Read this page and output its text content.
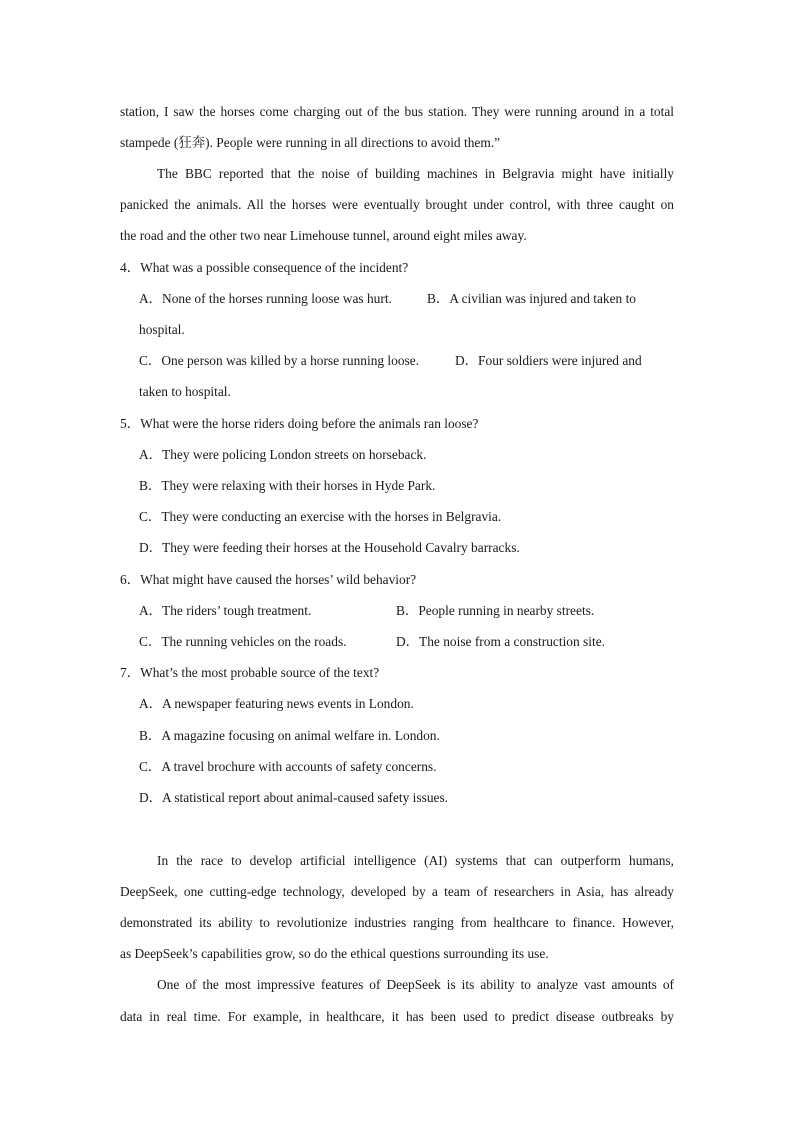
station, I saw the horses come charging out of the bus station. They were running around in a total
stampede (狂奔). People were running in all directions to avoid them.”
The BBC reported that the noise of building machines in Belgravia might have initially
panicked the animals. All the horses were eventually brought under control, with three caught on
the road and the other two near Limehouse tunnel, around eight miles away.
4．What was a possible consequence of the incident?
A．None of the horses running loose was hurt.	B．A civilian was injured and taken to
hospital.
C．One person was killed by a horse running loose.	D．Four soldiers were injured and
taken to hospital.
5．What were the horse riders doing before the animals ran loose?
A．They were policing London streets on horseback.
B．They were relaxing with their horses in Hyde Park.
C．They were conducting an exercise with the horses in Belgravia.
D．They were feeding their horses at the Household Cavalry barracks.
6．What might have caused the horses’ wild behavior?
A．The riders’ tough treatment.	B．People running in nearby streets.
C．The running vehicles on the roads.	D．The noise from a construction site.
7．What’s the most probable source of the text?
A．A newspaper featuring news events in London.
B．A magazine focusing on animal welfare in. London.
C．A travel brochure with accounts of safety concerns.
D．A statistical report about animal-caused safety issues.
In the race to develop artificial intelligence (AI) systems that can outperform humans,
DeepSeek, one cutting-edge technology, developed by a team of researchers in Asia, has already
demonstrated its ability to revolutionize industries ranging from healthcare to finance. However,
as DeepSeek’s capabilities grow, so do the ethical questions surrounding its use.
One of the most impressive features of DeepSeek is its ability to analyze vast amounts of
data in real time. For example, in healthcare, it has been used to predict disease outbreaks by
